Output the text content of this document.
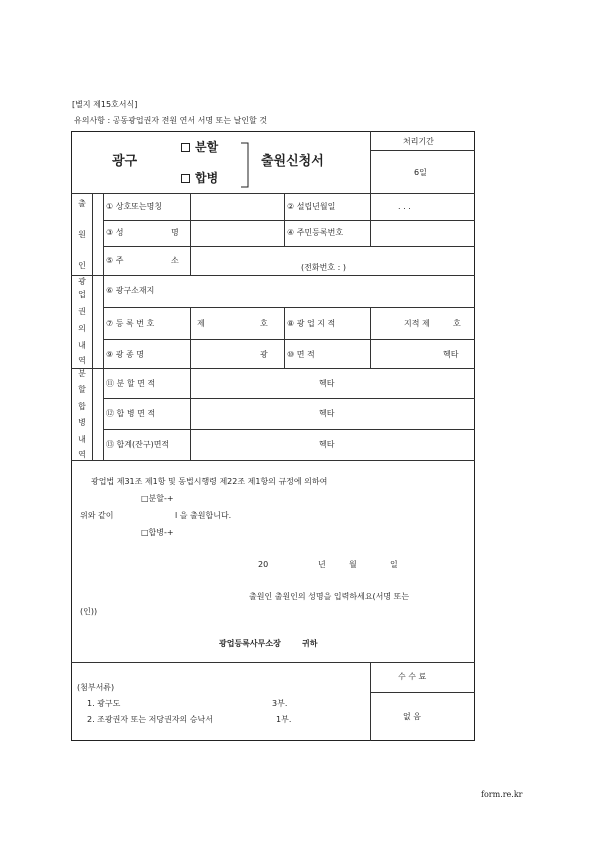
[별지 제15호서식]
유의사항 : 공동광업권자 전원 연서 서명 또는 날인할 것
광구
분할
합병
출원신청서
처리기간
6일
출
원
인
① 상호또는명칭	② 설립년월일	. . .
③ 성	명	④ 주민등록번호
⑤ 주	소
(전화번호 : )
광
업
권
의
내
역
⑥ 광구소재지
⑦ 등 록 번 호	제	호 ⑧ 광 업 지 적	지적 제	호
⑨ 광 종 명	광 ⑩ 면 적	헥타
분
할
합
병
내
역
⑪ 분 할 면 적	헥타
⑫ 합 병 면 적	헥타
⑬ 합계(잔구)면적	헥타
광업법 제31조 제1항 및 동법시행령 제22조 제1항의 규정에 의하여
□분할-+
위와 같이	l 을 출원합니다.
□합병-+
20	년	월	일
출원인 출원인의 성명을 입력하세요(서명 또는
(인))
광업등록사무소장	귀하
(첨부서류)
1. 광구도	3부.
2. 조광권자 또는 저당권자의 승낙서	1부.
수 수 료
없 음
form.re.kr
